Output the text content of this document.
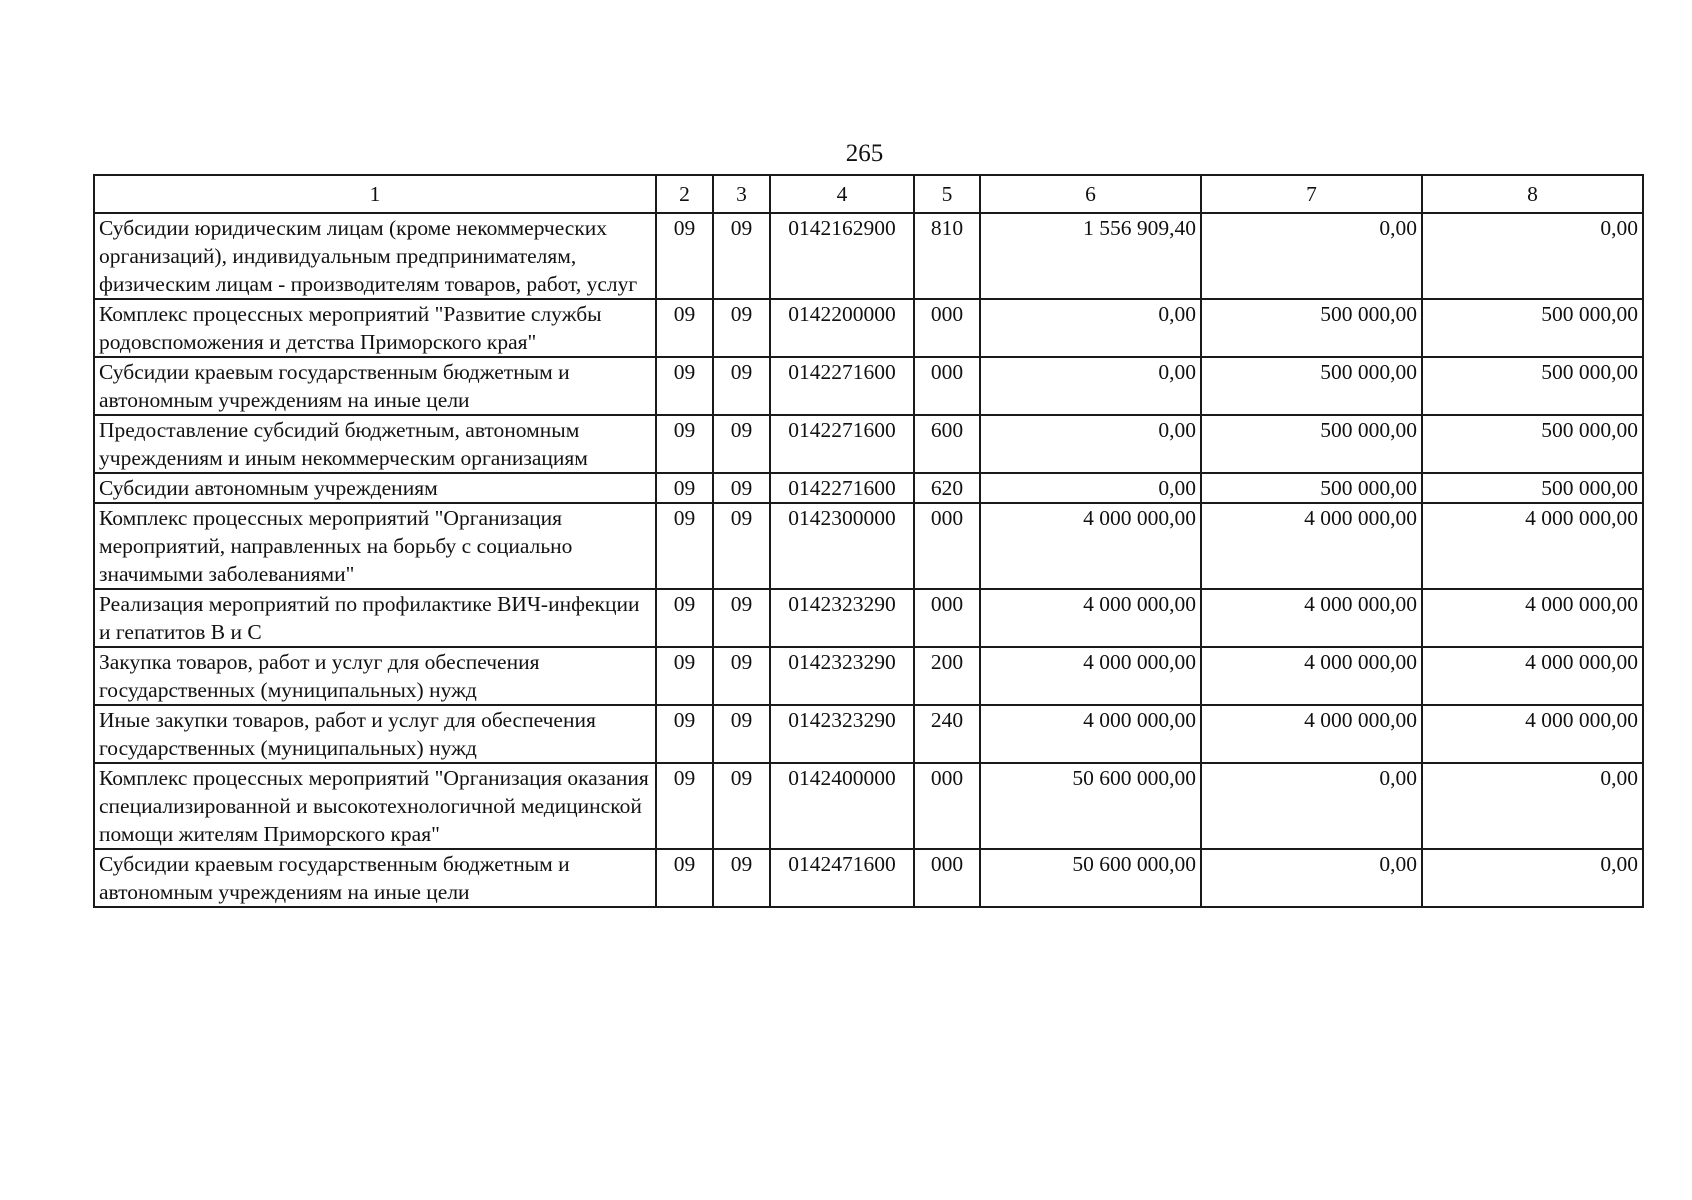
265
1	2	3	4	5	6	7	8
Субсидии юридическим лицам (кроме некоммерческих организаций), индивидуальным предпринимателям, физическим лицам - производителям товаров, работ, услуг	09	09	0142162900	810	1 556 909,40	0,00	0,00
Комплекс процессных мероприятий "Развитие службы родовспоможения и детства Приморского края"	09	09	0142200000	000	0,00	500 000,00	500 000,00
Субсидии краевым государственным бюджетным и автономным учреждениям на иные цели	09	09	0142271600	000	0,00	500 000,00	500 000,00
Предоставление субсидий бюджетным, автономным учреждениям и иным некоммерческим организациям	09	09	0142271600	600	0,00	500 000,00	500 000,00
Субсидии автономным учреждениям	09	09	0142271600	620	0,00	500 000,00	500 000,00
Комплекс процессных мероприятий "Организация мероприятий, направленных на борьбу с социально значимыми заболеваниями"	09	09	0142300000	000	4 000 000,00	4 000 000,00	4 000 000,00
Реализация мероприятий по профилактике ВИЧ-инфекции и гепатитов В и С	09	09	0142323290	000	4 000 000,00	4 000 000,00	4 000 000,00
Закупка товаров, работ и услуг для обеспечения государственных (муниципальных) нужд	09	09	0142323290	200	4 000 000,00	4 000 000,00	4 000 000,00
Иные закупки товаров, работ и услуг для обеспечения государственных (муниципальных) нужд	09	09	0142323290	240	4 000 000,00	4 000 000,00	4 000 000,00
Комплекс процессных мероприятий "Организация оказания специализированной и высокотехнологичной медицинской помощи жителям Приморского края"	09	09	0142400000	000	50 600 000,00	0,00	0,00
Субсидии краевым государственным бюджетным и автономным учреждениям на иные цели	09	09	0142471600	000	50 600 000,00	0,00	0,00
